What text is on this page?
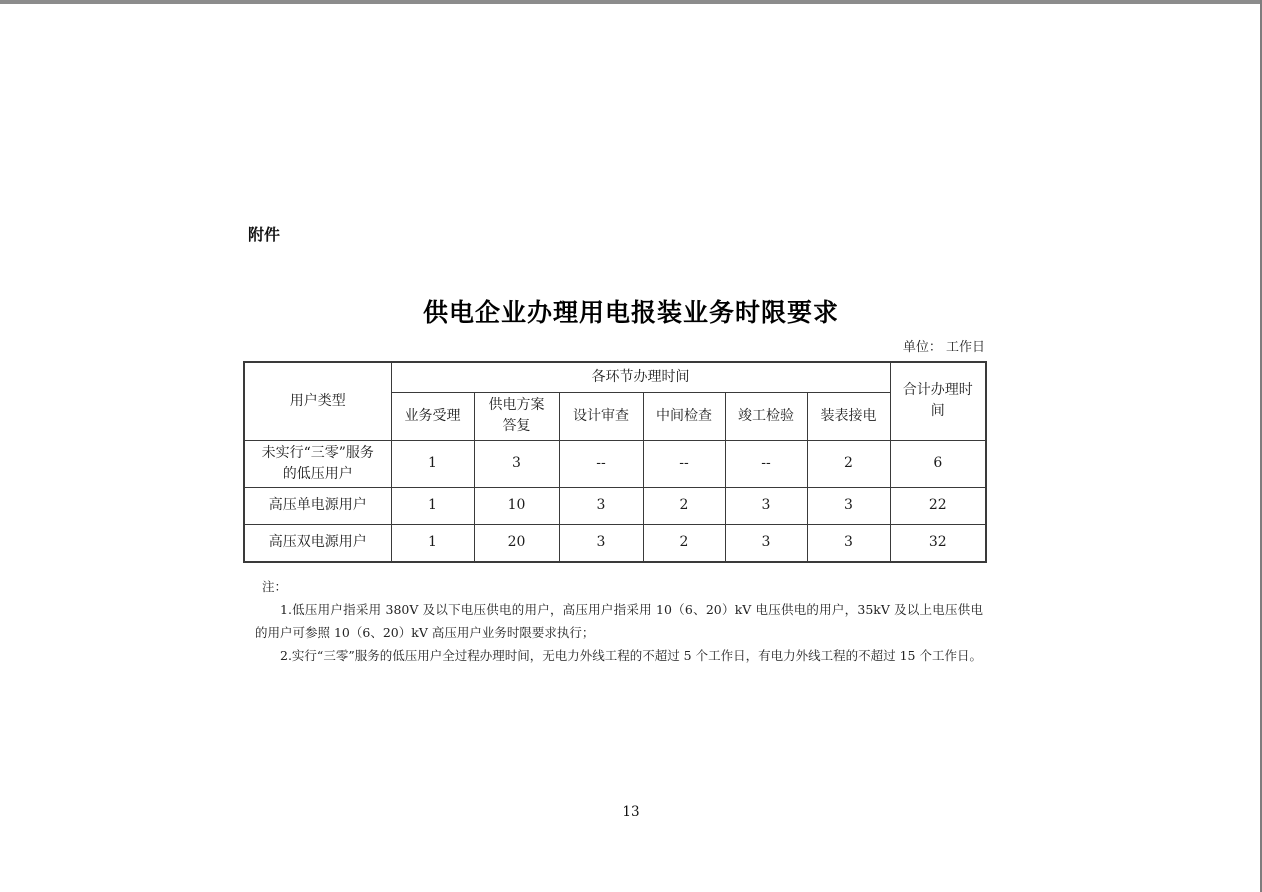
附件
供电企业办理用电报装业务时限要求
单位： 工作日
用户类型	各环节办理时间						合计办理时间
	业务受理	供电方案答复	设计审查	中间检查	竣工检验	装表接电	
未实行“三零”服务的低压用户	1	3	--	--	--	2	6
高压单电源用户	1	10	3	2	3	3	22
高压双电源用户	1	20	3	2	3	3	32
注：

1.低压用户指采用 380V 及以下电压供电的用户，高压用户指采用 10（6、20）kV 电压供电的用户，35kV 及以上电压供电的用户可参照 10（6、20）kV 高压用户业务时限要求执行；

2.实行“三零”服务的低压用户全过程办理时间，无电力外线工程的不超过 5 个工作日，有电力外线工程的不超过 15 个工作日。

13
